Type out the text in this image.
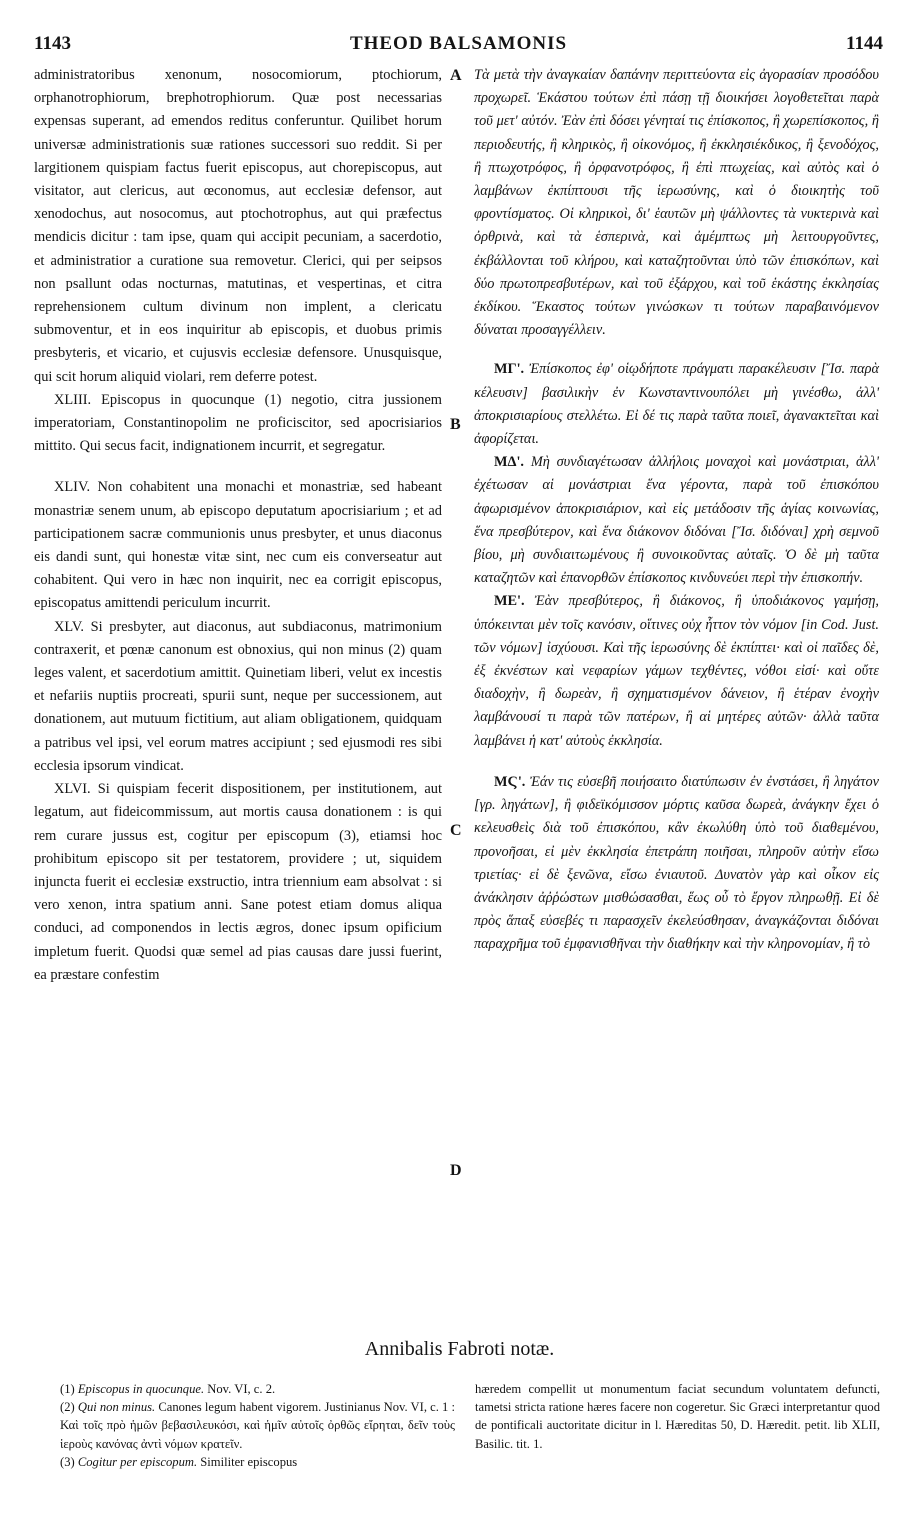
1143	THEOD BALSAMONIS	1144
A
B
C
D

administratoribus xenonum, nosocomiorum, ptochiorum, orphanotrophiorum, brephotrophiorum. Quæ post necessarias expensas superant, ad emendos reditus conferuntur. Quilibet horum universæ administrationis suæ rationes successori suo reddit. Si per largitionem quispiam factus fuerit episcopus, aut chorepiscopus, aut visitator, aut clericus, aut œconomus, aut ecclesiæ defensor, aut xenodochus, aut nosocomus, aut ptochotrophus, aut qui præfectus mendicis dicitur : tam ipse, quam qui accipit pecuniam, a sacerdotio, et administratior a curatione sua removetur. Clerici, qui per seipsos non psallunt odas nocturnas, matutinas, et vespertinas, et citra reprehensionem cultum divinum non implent, a clericatu submoventur, et in eos inquiritur ab episcopis, et duobus primis presbyteris, et vicario, et cujusvis ecclesiæ defensore. Unusquisque, qui scit horum aliquid violari, rem deferre potest.

XLIII. Episcopus in quocunque (1) negotio, citra jussionem imperatoriam, Constantinopolim ne proficiscitor, sed apocrisiarios mittito. Qui secus facit, indignationem incurrit, et segregatur.

XLIV. Non cohabitent una monachi et monastriæ, sed habeant monastriæ senem unum, ab episcopo deputatum apocrisiarium ; et ad participationem sacræ communionis unus presbyter, et unus diaconus eis dandi sunt, qui honestæ vitæ sint, nec cum eis converseatur aut cohabitent. Qui vero in hæc non inquirit, nec ea corrigit episcopus, episcopatus amittendi periculum incurrit.

XLV. Si presbyter, aut diaconus, aut subdiaconus, matrimonium contraxerit, et pœnæ canonum est obnoxius, qui non minus (2) quam leges valent, et sacerdotium amittit. Quinetiam liberi, velut ex incestis et nefariis nuptiis procreati, spurii sunt, neque per successionem, aut donationem, aut mutuum fictitium, aut aliam obligationem, quidquam a patribus vel ipsi, vel eorum matres accipiunt ; sed ejusmodi res sibi ecclesia ipsorum vindicat.

XLVI. Si quispiam fecerit dispositionem, per institutionem, aut legatum, aut fideicommissum, aut mortis causa donationem : is qui rem curare jussus est, cogitur per episcopum (3), etiamsi hoc prohibitum episcopo sit per testatorem, providere ; ut, siquidem injuncta fuerit ei ecclesiæ exstructio, intra triennium eam absolvat : si vero xenon, intra spatium anni. Sane potest etiam domus aliqua conduci, ad componendos in lectis ægros, donec ipsum opificium impletum fuerit. Quodsi quæ semel ad pias causas dare jussi fuerint, ea præstare confestim

Τὰ μετὰ τὴν ἀναγκαίαν δαπάνην περιττεύοντα εἰς ἀγορασίαν προσόδου προχωρεῖ. Ἑκάστου τούτων ἐπὶ πάσῃ τῇ διοικήσει λογοθετεῖται παρὰ τοῦ μετ' αὐτόν. Ἐὰν ἐπὶ δόσει γένηταί τις ἐπίσκοπος, ἢ χωρεπίσκοπος, ἢ περιοδευτής, ἢ κληρικὸς, ἢ οἰκονόμος, ἢ ἐκκλησιέκδικος, ἢ ξενοδόχος, ἢ πτωχοτρόφος, ἢ ὀρφανοτρόφος, ἢ ἐπὶ πτωχείας, καὶ αὐτὸς καὶ ὁ λαμβάνων ἐκπίπτουσι τῆς ἱερωσύνης, καὶ ὁ διοικητὴς τοῦ φροντίσματος. Οἱ κληρικοὶ, δι' ἑαυτῶν μὴ ψάλλοντες τὰ νυκτερινὰ καὶ ὀρθρινὰ, καὶ τὰ ἑσπερινὰ, καὶ ἀμέμπτως μὴ λειτουργοῦντες, ἐκβάλλονται τοῦ κλήρου, καὶ καταζητοῦνται ὑπὸ τῶν ἐπισκόπων, καὶ δύο πρωτοπρεσβυτέρων, καὶ τοῦ ἐξάρχου, καὶ τοῦ ἑκάστης ἐκκλησίας ἐκδίκου. Ἕκαστος τούτων γινώσκων τι τούτων παραβαινόμενον δύναται προσαγγέλλειν.

ΜΓ'. Ἐπίσκοπος ἐφ' οἱῳδήποτε πράγματι παρακέλευσιν [Ἴσ. παρὰ κέλευσιν] βασιλικὴν ἐν Κωνσταντινουπόλει μὴ γινέσθω, ἀλλ' ἀποκρισιαρίους στελλέτω. Εἰ δέ τις παρὰ ταῦτα ποιεῖ, ἀγανακτεῖται καὶ ἀφορίζεται.

ΜΔ'. Μὴ συνδιαγέτωσαν ἀλλήλοις μοναχοὶ καὶ μονάστριαι, ἀλλ' ἐχέτωσαν αἱ μονάστριαι ἕνα γέροντα, παρὰ τοῦ ἐπισκόπου ἀφωρισμένον ἀποκρισιάριον, καὶ εἰς μετάδοσιν τῆς ἁγίας κοινωνίας, ἕνα πρεσβύτερον, καὶ ἕνα διάκονον διδόναι [Ἴσ. διδόναι] χρὴ σεμνοῦ βίου, μὴ συνδιαιτωμένους ἢ συνοικοῦντας αὐταῖς. Ὁ δὲ μὴ ταῦτα καταζητῶν καὶ ἐπανορθῶν ἐπίσκοπος κινδυνεύει περὶ τὴν ἐπισκοπήν.

ΜΕ'. Ἐὰν πρεσβύτερος, ἢ διάκονος, ἢ ὑποδιάκονος γαμήσῃ, ὑπόκεινται μὲν τοῖς κανόσιν, οἵτινες οὐχ ἧττον τὸν νόμον [in Cod. Just. τῶν νόμων] ἰσχύουσι. Καὶ τῆς ἱερωσύνης δὲ ἐκπίπτει· καὶ οἱ παῖδες δὲ, ἐξ ἐκνέστων καὶ νεφαρίων γάμων τεχθέντες, νόθοι εἰσί· καὶ οὔτε διαδοχὴν, ἢ δωρεὰν, ἢ σχηματισμένον δάνειον, ἢ ἑτέραν ἐνοχὴν λαμβάνουσί τι παρὰ τῶν πατέρων, ἢ αἱ μητέρες αὐτῶν· ἀλλὰ ταῦτα λαμβάνει ἡ κατ' αὐτοὺς ἐκκλησία.

ΜϚ'. Ἐάν τις εὐσεβῆ ποιήσαιτο διατύπωσιν ἐν ἐνστάσει, ἢ ληγάτον [γρ. ληγάτων], ἢ φιδεϊκόμισσον μόρτις καῦσα δωρεὰ, ἀνάγκην ἔχει ὁ κελευσθεὶς διὰ τοῦ ἐπισκόπου, κἂν ἐκωλύθη ὑπὸ τοῦ διαθεμένου, προνοῆσαι, εἰ μὲν ἐκκλησία ἐπετράπη ποιῆσαι, πληροῦν αὐτὴν εἴσω τριετίας· εἰ δὲ ξενῶνα, εἴσω ἐνιαυτοῦ. Δυνατὸν γὰρ καὶ οἶκον εἰς ἀνάκλησιν ἀῤῥώστων μισθώσασθαι, ἕως οὗ τὸ ἔργον πληρωθῇ. Εἰ δὲ πρὸς ἅπαξ εὐσεβές τι παρασχεῖν ἐκελεύσθησαν, ἀναγκάζονται διδόναι παραχρῆμα τοῦ ἐμφανισθῆναι τὴν διαθήκην καὶ τὴν κληρονομίαν, ἢ τὸ

Annibalis Fabroti notæ.
(1) Episcopus in quocunque. Nov. VI, c. 2.
(2) Qui non minus. Canones legum habent vigorem. Justinianus Nov. VI, c. 1 : Καὶ τοῖς πρὸ ἡμῶν βεβασιλευκόσι, καὶ ἡμῖν αὐτοῖς ὀρθῶς εἴρηται, δεῖν τοὺς ἱεροὺς κανόνας ἀντὶ νόμων κρατεῖν.
(3) Cogitur per episcopum. Similiter episcopus
hæredem compellit ut monumentum faciat secundum voluntatem defuncti, tametsi stricta ratione hæres facere non cogeretur. Sic Græci interpretantur quod de pontificali auctoritate dicitur in l. Hæreditas 50, D. Hæredit. petit. lib XLII, Basilic. tit. 1.
